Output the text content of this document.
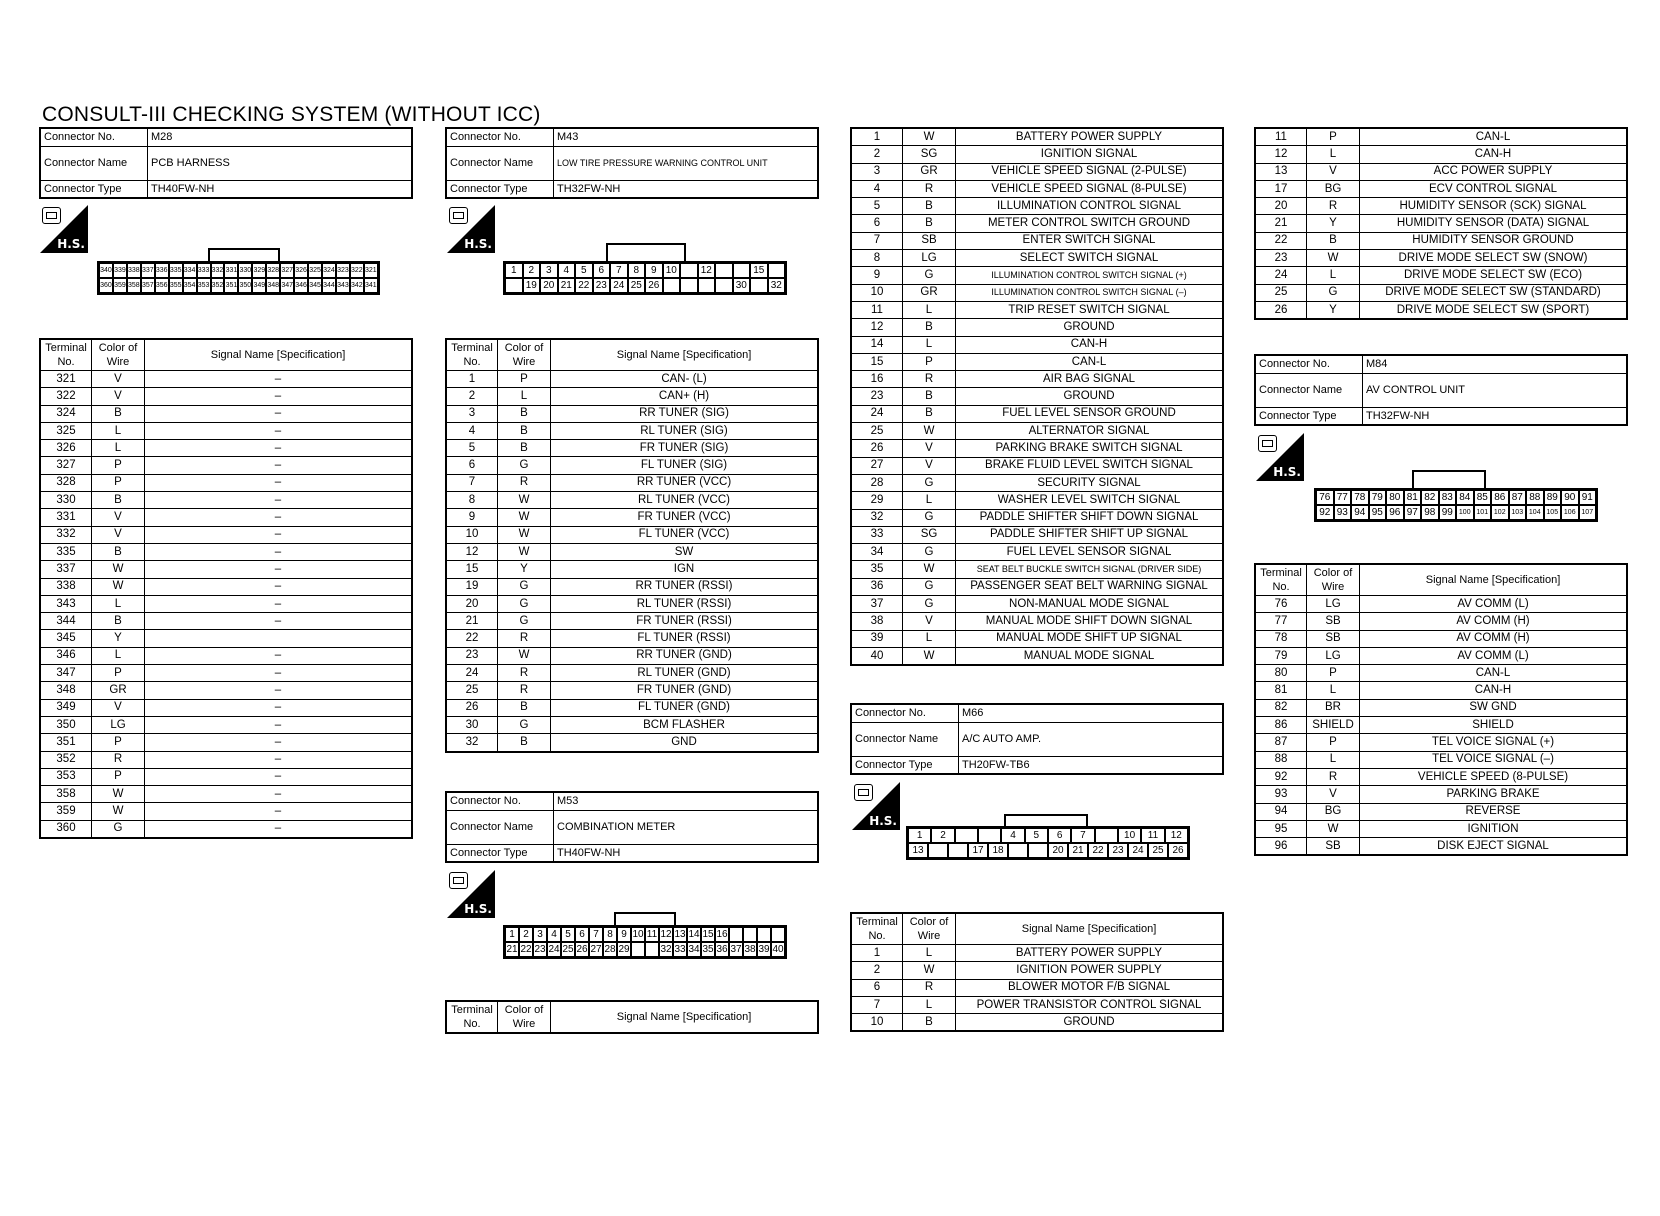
CONSULT-III CHECKING SYSTEM (WITHOUT ICC)
Connector No.	M28
Connector Name	PCB HARNESS
Connector Type	TH40FW-NH
H.S.
340 339 338 337 336 335 334 333 332 331 330 329 328 327 326 325 324 323 322 321
360 359 358 357 356 355 354 353 352 351 350 349 348 347 346 345 344 343 342 341
Terminal No.	Color of Wire	Signal Name [Specification]
321	V	–
322	V	–
324	B	–
325	L	–
326	L	–
327	P	–
328	P	–
330	B	–
331	V	–
332	V	–
335	B	–
337	W	–
338	W	–
343	L	–
344	B	–
345	Y	
346	L	–
347	P	–
348	GR	–
349	V	–
350	LG	–
351	P	–
352	R	–
353	P	–
358	W	–
359	W	–
360	G	–
Connector No.	M43
Connector Name	LOW TIRE PRESSURE WARNING CONTROL UNIT
Connector Type	TH32FW-NH
H.S.
1	2	3	4	5	6	7	8	9 10	12	15
19 20 21 22 23 24 25 26	30	32
Terminal No.	Color of Wire	Signal Name [Specification]
1	P	CAN- (L)
2	L	CAN+ (H)
3	B	RR TUNER (SIG)
4	B	RL TUNER (SIG)
5	B	FR TUNER (SIG)
6	G	FL TUNER (SIG)
7	R	RR TUNER (VCC)
8	W	RL TUNER (VCC)
9	W	FR TUNER (VCC)
10	W	FL TUNER (VCC)
12	W	SW
15	Y	IGN
19	G	RR TUNER (RSSI)
20	G	RL TUNER (RSSI)
21	G	FR TUNER (RSSI)
22	R	FL TUNER (RSSI)
23	W	RR TUNER (GND)
24	R	RL TUNER (GND)
25	R	FR TUNER (GND)
26	B	FL TUNER (GND)
30	G	BCM FLASHER
32	B	GND
Connector No.	M53
Connector Name	COMBINATION METER
Connector Type	TH40FW-NH
H.S.
1 2 3 4 5 6 7 8 9 10 11 12 13 14 15 16
21 22 23 24 25 26 27 28 29	32 33 34 35 36 37 38 39 40
Terminal No.	Color of Wire	Signal Name [Specification]
1	W	BATTERY POWER SUPPLY
2	SG	IGNITION SIGNAL
3	GR	VEHICLE SPEED SIGNAL (2-PULSE)
4	R	VEHICLE SPEED SIGNAL (8-PULSE)
5	B	ILLUMINATION CONTROL SIGNAL
6	B	METER CONTROL SWITCH GROUND
7	SB	ENTER SWITCH SIGNAL
8	LG	SELECT SWITCH SIGNAL
9	G	ILLUMINATION CONTROL SWITCH SIGNAL (+)
10	GR	ILLUMINATION CONTROL SWITCH SIGNAL (–)
11	L	TRIP RESET SWITCH SIGNAL
12	B	GROUND
14	L	CAN-H
15	P	CAN-L
16	R	AIR BAG SIGNAL
23	B	GROUND
24	B	FUEL LEVEL SENSOR GROUND
25	W	ALTERNATOR SIGNAL
26	V	PARKING BRAKE SWITCH SIGNAL
27	V	BRAKE FLUID LEVEL SWITCH SIGNAL
28	G	SECURITY SIGNAL
29	L	WASHER LEVEL SWITCH SIGNAL
32	G	PADDLE SHIFTER SHIFT DOWN SIGNAL
33	SG	PADDLE SHIFTER SHIFT UP SIGNAL
34	G	FUEL LEVEL SENSOR SIGNAL
35	W	SEAT BELT BUCKLE SWITCH SIGNAL (DRIVER SIDE)
36	G	PASSENGER SEAT BELT WARNING SIGNAL
37	G	NON-MANUAL MODE SIGNAL
38	V	MANUAL MODE SHIFT DOWN SIGNAL
39	L	MANUAL MODE SHIFT UP SIGNAL
40	W	MANUAL MODE SIGNAL
Connector No.	M66
Connector Name	A/C AUTO AMP.
Connector Type	TH20FW-TB6
H.S.
1	2	4	5	6	7	10	11	12
13	17 18	20 21 22 23 24 25 26
Terminal No.	Color of Wire	Signal Name [Specification]
1	L	BATTERY POWER SUPPLY
2	W	IGNITION POWER SUPPLY
6	R	BLOWER MOTOR F/B SIGNAL
7	L	POWER TRANSISTOR CONTROL SIGNAL
10	B	GROUND
11	P	CAN-L
12	L	CAN-H
13	V	ACC POWER SUPPLY
17	BG	ECV CONTROL SIGNAL
20	R	HUMIDITY SENSOR (SCK) SIGNAL
21	Y	HUMIDITY SENSOR (DATA) SIGNAL
22	B	HUMIDITY SENSOR GROUND
23	W	DRIVE MODE SELECT SW (SNOW)
24	L	DRIVE MODE SELECT SW (ECO)
25	G	DRIVE MODE SELECT SW (STANDARD)
26	Y	DRIVE MODE SELECT SW (SPORT)
Connector No.	M84
Connector Name	AV CONTROL UNIT
Connector Type	TH32FW-NH
H.S.
76 77 78 79 80 81 82 83 84 85 86 87 88 89 90 91
92 93 94 95 96 97 98 99 100 101 102 103 104 105 106 107
Terminal No.	Color of Wire	Signal Name [Specification]
76	LG	AV COMM (L)
77	SB	AV COMM (H)
78	SB	AV COMM (H)
79	LG	AV COMM (L)
80	P	CAN-L
81	L	CAN-H
82	BR	SW GND
86	SHIELD	SHIELD
87	P	TEL VOICE SIGNAL (+)
88	L	TEL VOICE SIGNAL (–)
92	R	VEHICLE SPEED (8-PULSE)
93	V	PARKING BRAKE
94	BG	REVERSE
95	W	IGNITION
96	SB	DISK EJECT SIGNAL
